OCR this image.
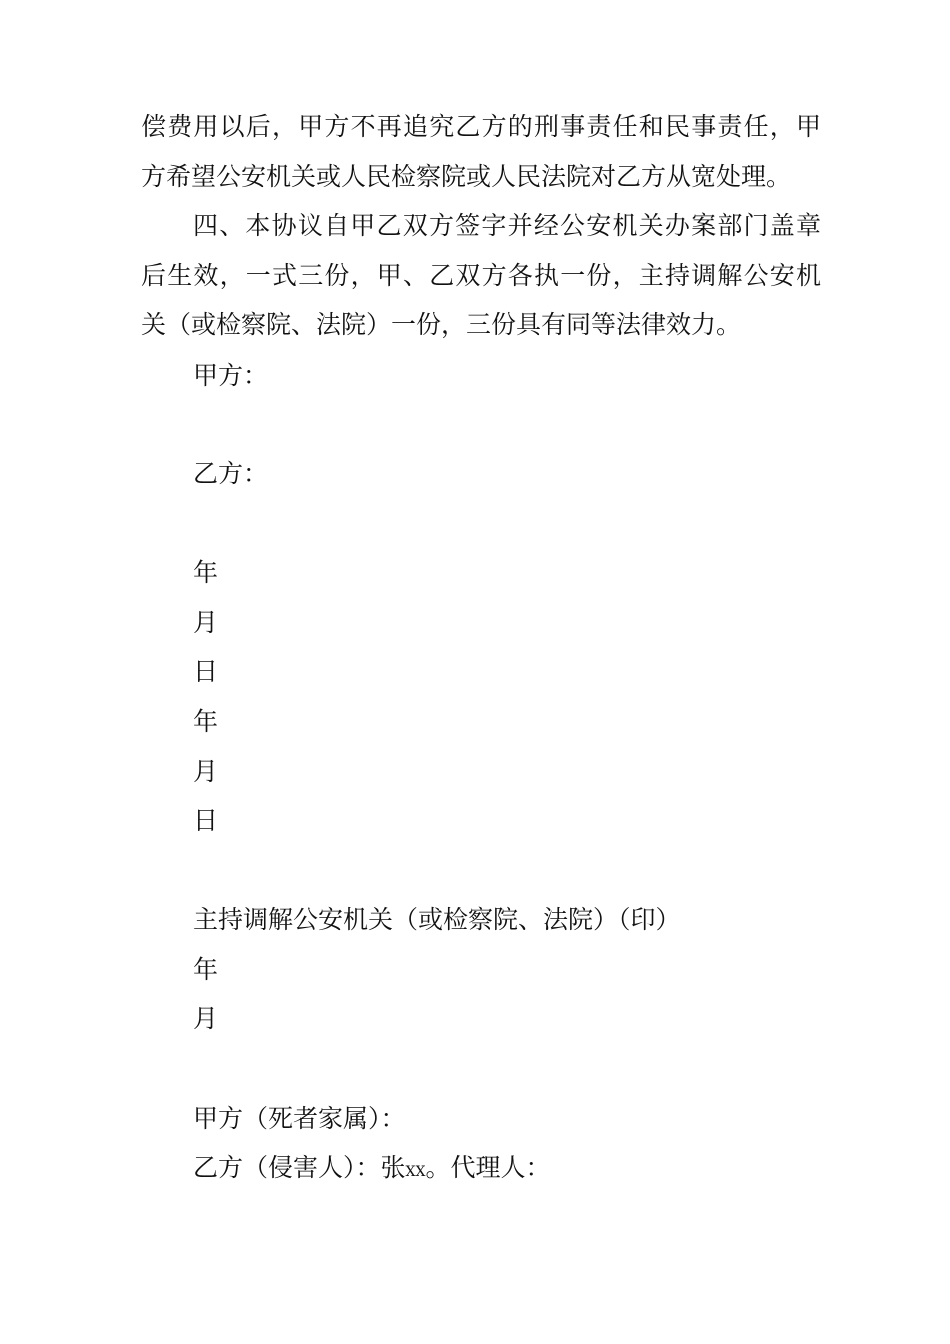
偿费用以后，甲方不再追究乙方的刑事责任和民事责任，甲
方希望公安机关或人民检察院或人民法院对乙方从宽处理。
四、本协议自甲乙双方签字并经公安机关办案部门盖章
后生效，一式三份，甲、乙双方各执一份，主持调解公安机
关（或检察院、法院）一份，三份具有同等法律效力。
甲方：
乙方：
年
月
日
年
月
日
主持调解公安机关（或检察院、法院）（印）
年
月
甲方（死者家属）：
乙方（侵害人）：张XX。代理人：
